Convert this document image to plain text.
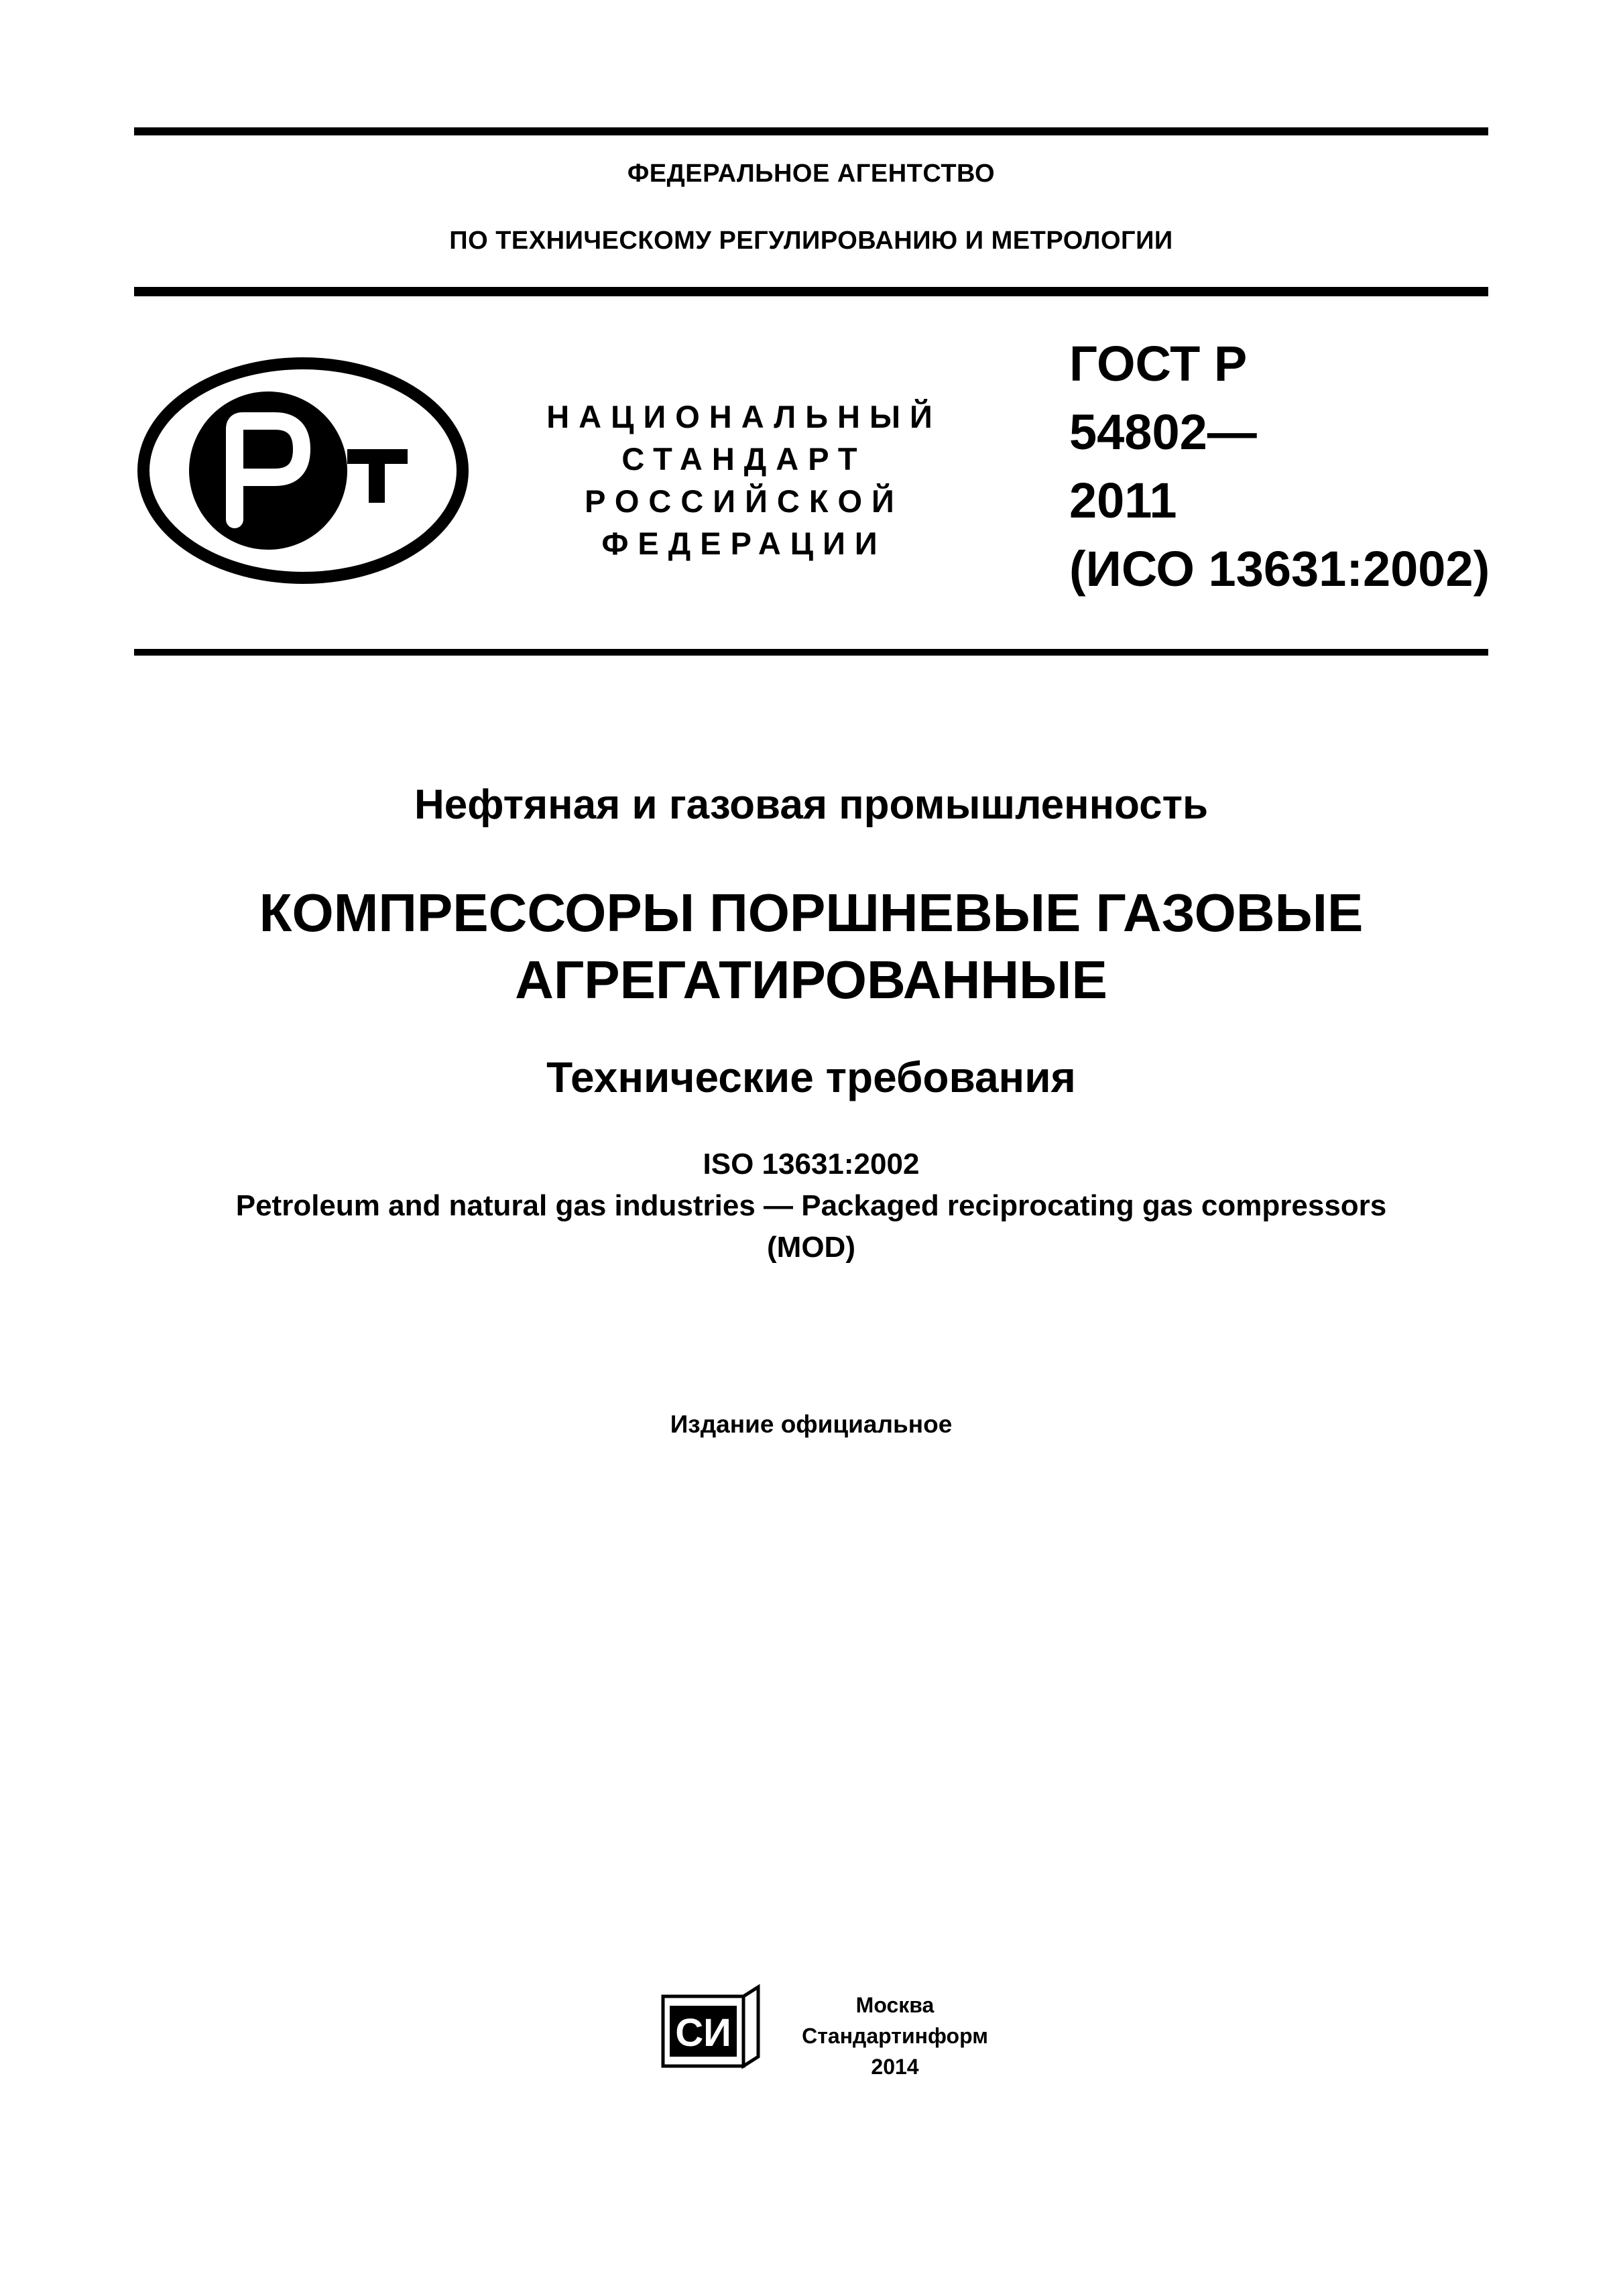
ФЕДЕРАЛЬНОЕ АГЕНТСТВО
ПО ТЕХНИЧЕСКОМУ РЕГУЛИРОВАНИЮ И МЕТРОЛОГИИ
НАЦИОНАЛЬНЫЙ
СТАНДАРТ
РОССИЙСКОЙ
ФЕДЕРАЦИИ
ГОСТ Р
54802—
2011
(ИСО 13631:2002)
Нефтяная и газовая промышленность
КОМПРЕССОРЫ ПОРШНЕВЫЕ ГАЗОВЫЕ
АГРЕГАТИРОВАННЫЕ
Технические требования
ISO 13631:2002
Petroleum and natural gas industries — Packaged reciprocating gas compressors
(MOD)
Издание официальное
СИ
Москва
Стандартинформ
2014
